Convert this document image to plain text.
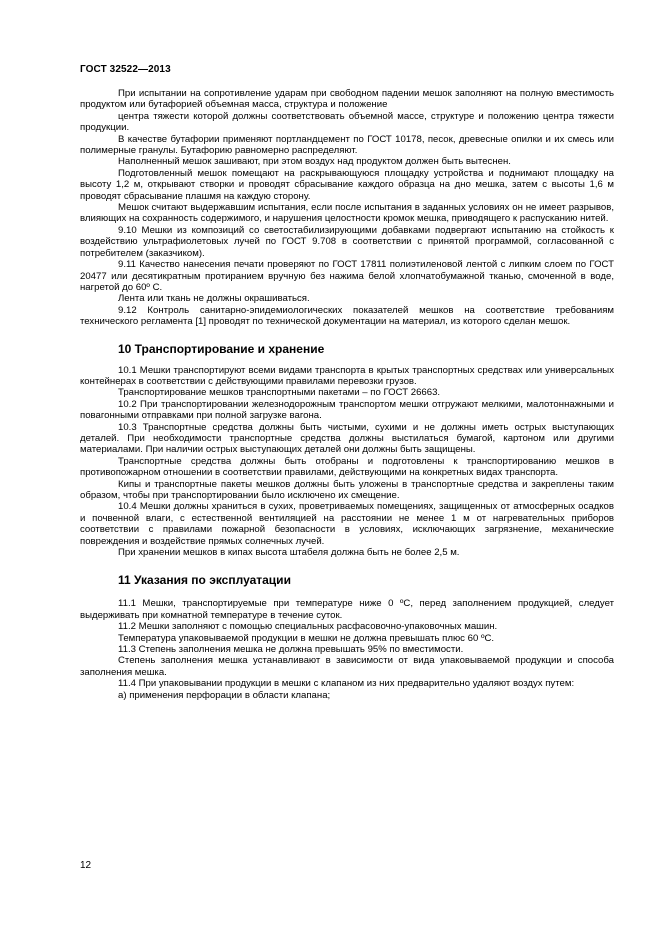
ГОСТ 32522—2013

При испытании на сопротивление ударам при свободном падении мешок заполняют на полную вместимость продуктом или бутафорией объемная масса, структура и положение

центра тяжести которой должны соответствовать объемной массе, структуре и положению центра тяжести продукции.

В качестве бутафории применяют портландцемент по ГОСТ 10178, песок, древесные опилки и их смесь или полимерные гранулы. Бутафорию равномерно распределяют.

Наполненный мешок зашивают, при этом воздух над продуктом должен быть вытеснен.

Подготовленный мешок помещают на раскрывающуюся площадку устройства и поднимают площадку на высоту 1,2 м, открывают створки и проводят сбрасывание каждого образца на дно мешка, затем с высоты 1,6 м проводят сбрасывание плашмя на каждую сторону.

Мешок считают выдержавшим испытания, если после испытания в заданных условиях он не имеет разрывов, влияющих на сохранность содержимого, и нарушения целостности кромок мешка, приводящего к распусканию нитей.

9.10 Мешки из композиций со светостабилизирующими добавками подвергают испытанию на стойкость к воздействию ультрафиолетовых лучей по ГОСТ 9.708 в соответствии с принятой программой, согласованной с потребителем (заказчиком).

9.11 Качество нанесения печати проверяют по ГОСТ 17811 полиэтиленовой лентой с липким слоем по ГОСТ 20477 или десятикратным протиранием вручную без нажима белой хлопчатобумажной тканью, смоченной в воде, нагретой до 60º С.

Лента или ткань не должны окрашиваться.

9.12 Контроль санитарно-эпидемиологических показателей мешков на соответствие требованиям технического регламента [1] проводят по технической документации на материал, из которого сделан мешок.

10 Транспортирование и хранение

10.1 Мешки транспортируют всеми видами транспорта в крытых транспортных средствах или универсальных контейнерах в соответствии с действующими правилами перевозки грузов.

Транспортирование мешков транспортными пакетами – по ГОСТ 26663.

10.2 При транспортировании железнодорожным транспортом мешки отгружают мелкими, малотоннажными и повагонными отправками при полной загрузке вагона.

10.3 Транспортные средства должны быть чистыми, сухими и не должны иметь острых выступающих деталей. При необходимости транспортные средства должны выстилаться бумагой, картоном или другими материалами. При наличии острых выступающих деталей они должны быть защищены.

Транспортные средства должны быть отобраны и подготовлены к транспортированию мешков в противопожарном отношении в соответствии правилами, действующими на конкретных видах транспорта.

Кипы и транспортные пакеты мешков должны быть уложены в транспортные средства и закреплены таким образом, чтобы при транспортировании было исключено их смещение.

10.4 Мешки должны храниться в сухих, проветриваемых помещениях, защищенных от атмосферных осадков и почвенной влаги, с естественной вентиляцией на расстоянии не менее 1 м от нагревательных приборов соответствии с правилами пожарной безопасности в условиях, исключающих загрязнение, механические повреждения и воздействие прямых солнечных лучей.

При хранении мешков в кипах высота штабеля должна быть не более 2,5 м.

11 Указания по эксплуатации

11.1 Мешки, транспортируемые при температуре ниже 0 ºС, перед заполнением продукцией, следует выдерживать при комнатной температуре в течение суток.

11.2 Мешки заполняют с помощью специальных расфасовочно-упаковочных машин.

Температура упаковываемой продукции в мешки не должна превышать плюс 60 ºС.

11.3 Степень заполнения мешка не должна превышать 95% по вместимости.

Степень заполнения мешка устанавливают в зависимости от вида упаковываемой продукции и способа заполнения мешка.

11.4 При упаковывании продукции в мешки с клапаном из них предварительно удаляют воздух путем:

а) применения перфорации в области клапана;

12
